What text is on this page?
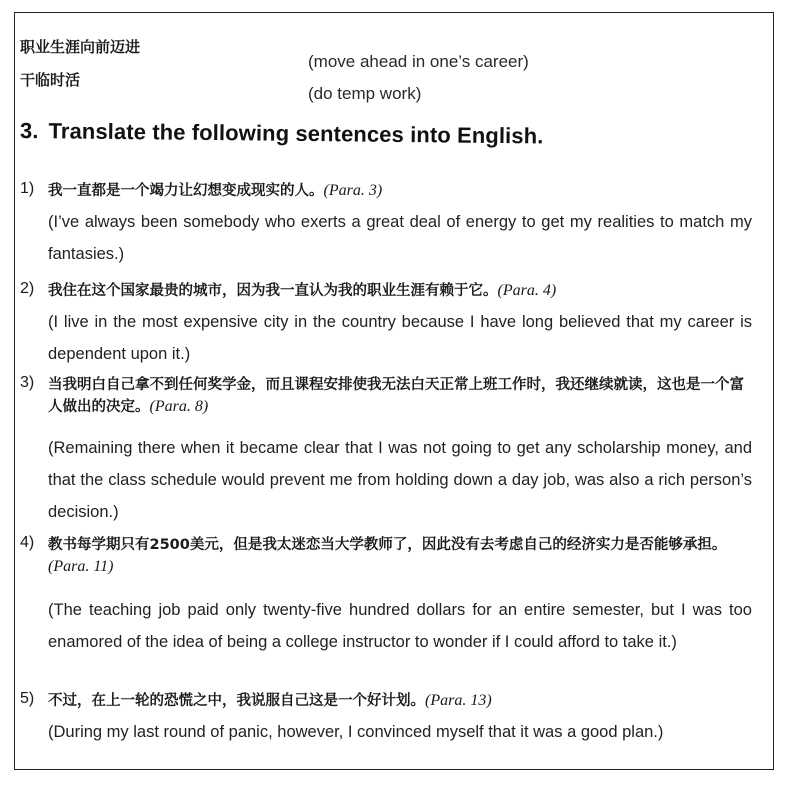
职业生涯向前迈进
干临时活
(move ahead in one’s career)
(do temp work)
3. Translate the following sentences into English.
1) 我一直都是一个竭力让幻想变成现实的人。(Para. 3)
(I’ve always been somebody who exerts a great deal of energy to get my realities to match my fantasies.)
2) 我住在这个国家最贵的城市，因为我一直认为我的职业生涯有赖于它。(Para. 4)
(I live in the most expensive city in the country because I have long believed that my career is dependent upon it.)
3) 当我明白自己拿不到任何奖学金，而且课程安排使我无法白天正常上班工作时，我还继续就读，这也是一个富人做出的决定。(Para. 8)
(Remaining there when it became clear that I was not going to get any scholarship money, and that the class schedule would prevent me from holding down a day job, was also a rich person’s decision.)
4) 教书每学期只有2500美元，但是我太迷恋当大学教师了，因此没有去考虑自己的经济实力是否能够承担。(Para. 11)
(The teaching job paid only twenty-five hundred dollars for an entire semester, but I was too enamored of the idea of being a college instructor to wonder if I could afford to take it.)
5) 不过，在上一轮的恐慌之中，我说服自己这是一个好计划。(Para. 13)
(During my last round of panic, however, I convinced myself that it was a good plan.)
